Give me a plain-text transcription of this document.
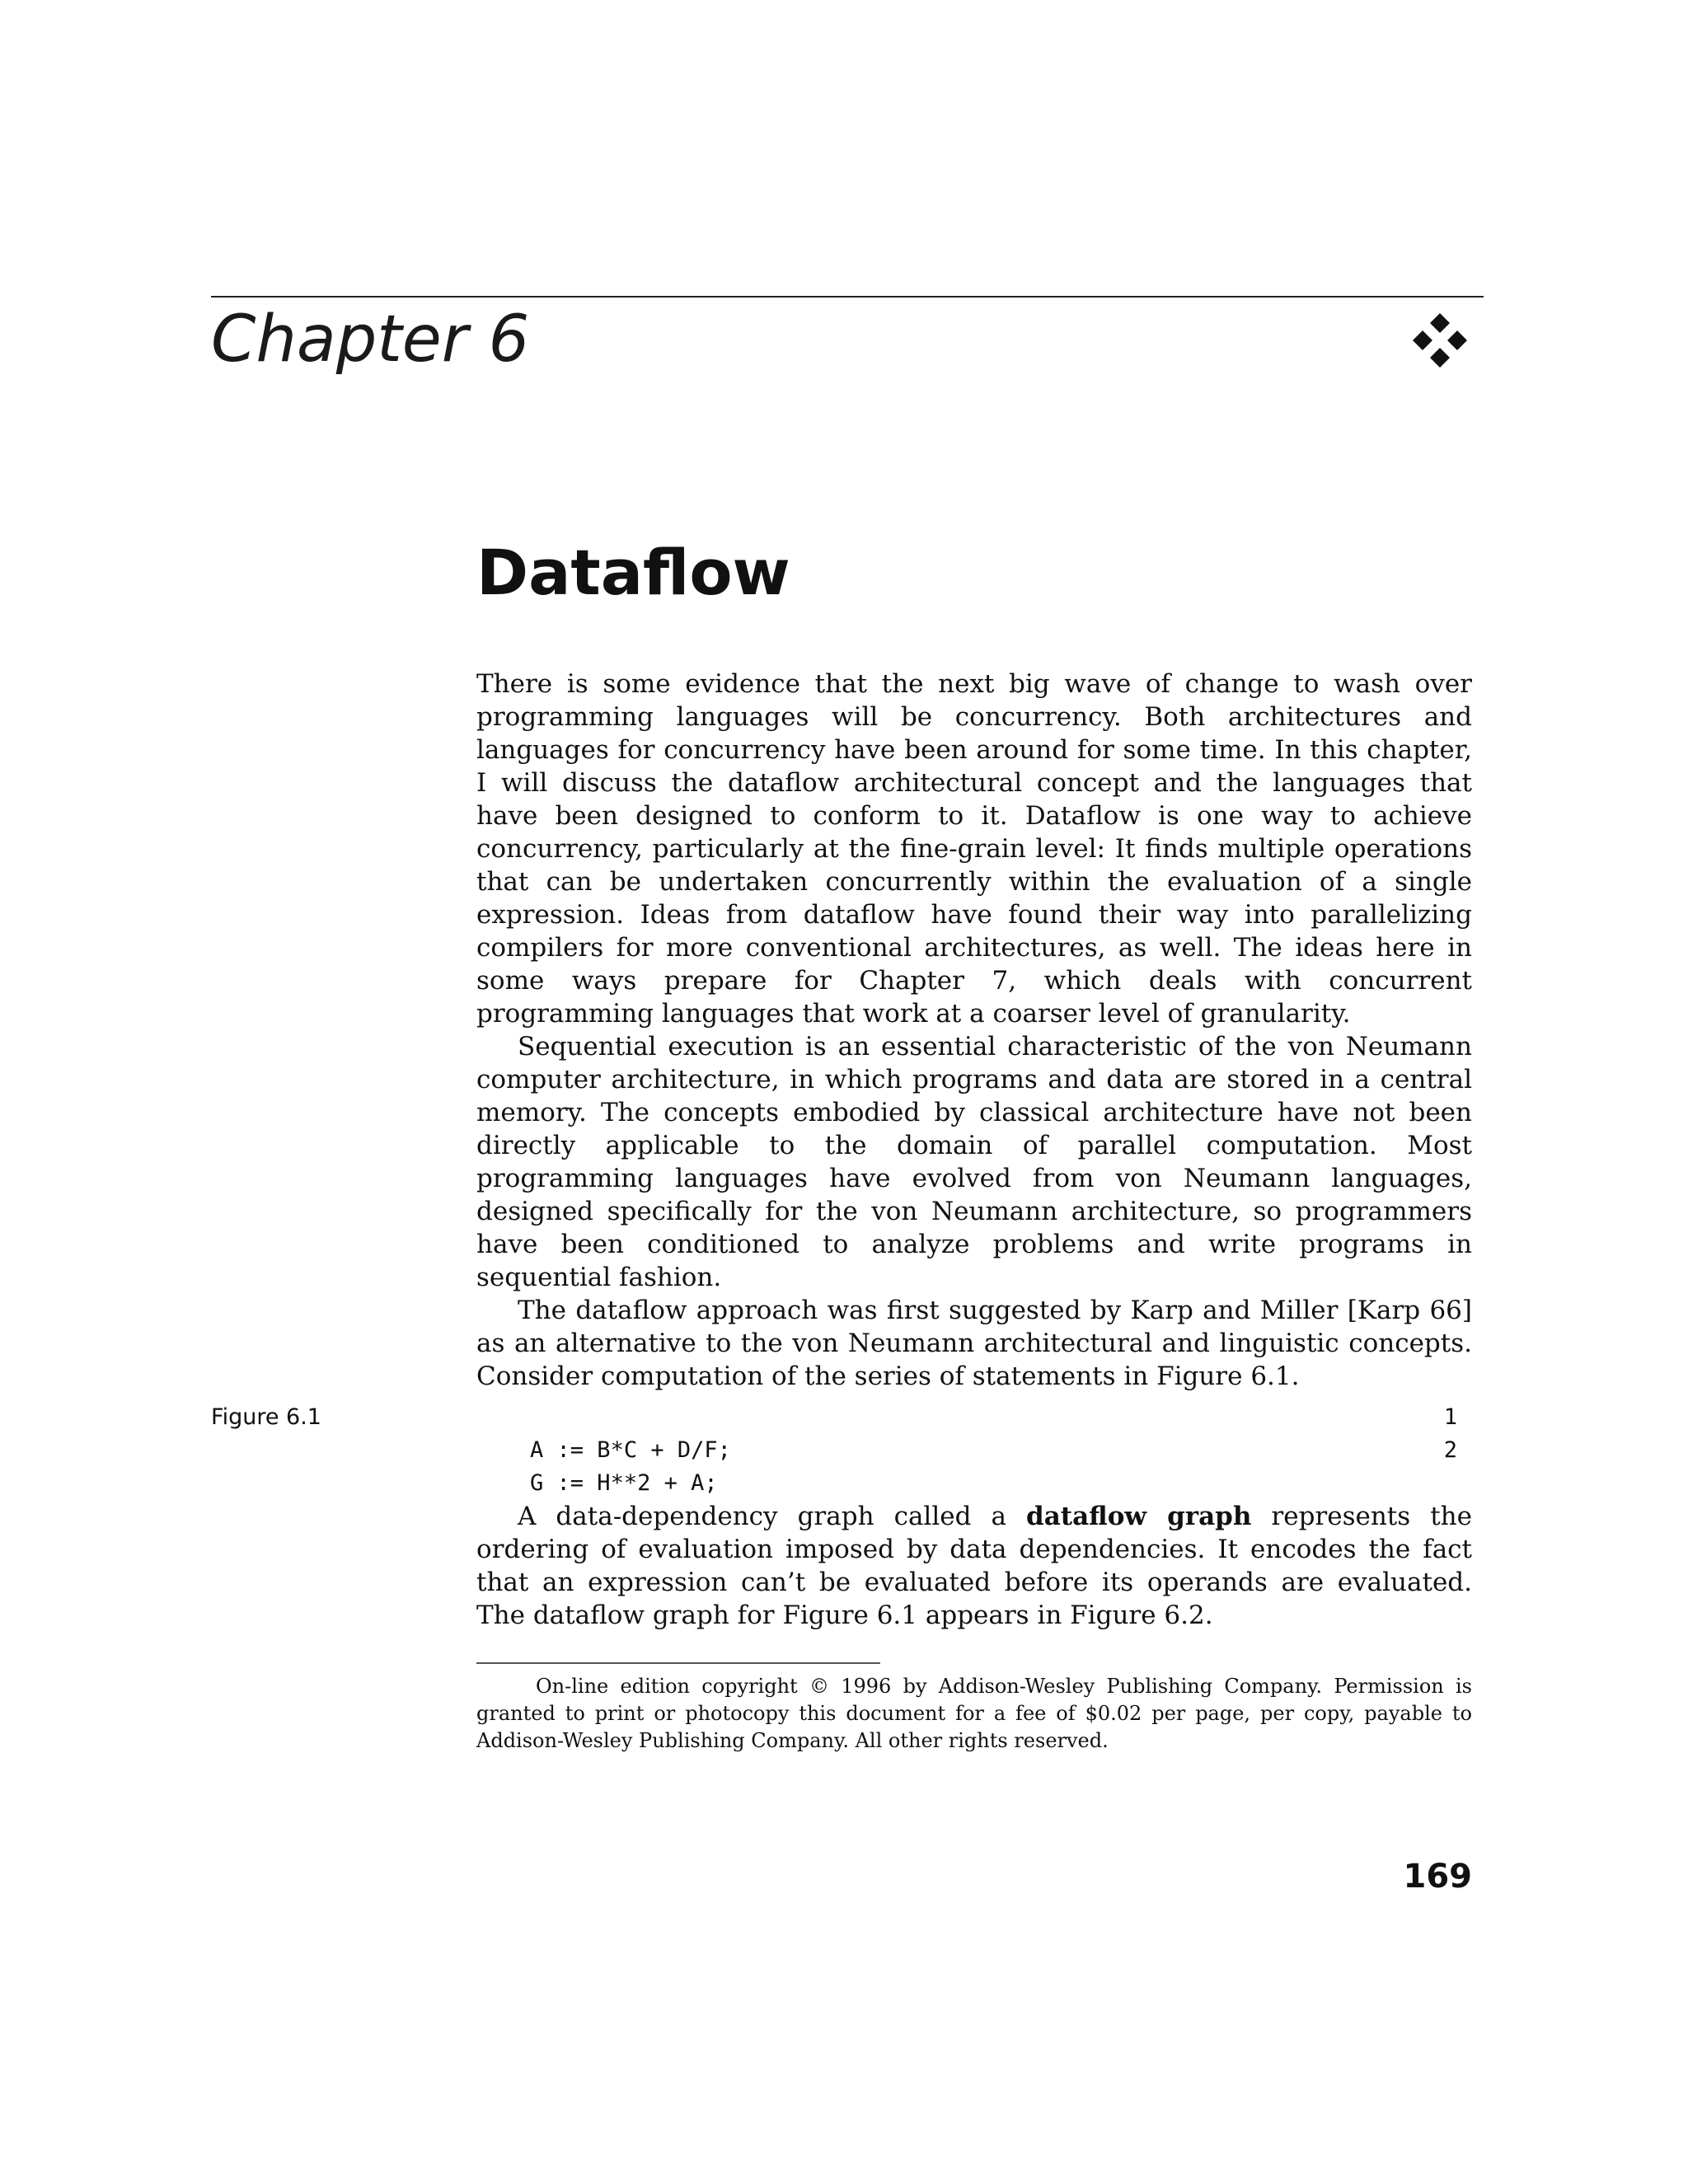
Chapter 6
Dataflow

There is some evidence that the next big wave of change to wash over programming languages will be concurrency. Both architectures and languages for concurrency have been around for some time. In this chapter, I will discuss the dataflow architectural concept and the languages that have been designed to conform to it. Dataflow is one way to achieve concurrency, particularly at the fine-grain level: It finds multiple operations that can be undertaken concurrently within the evaluation of a single expression. Ideas from dataflow have found their way into parallelizing compilers for more conventional architectures, as well. The ideas here in some ways prepare for Chapter 7, which deals with concurrent programming languages that work at a coarser level of granularity.

Sequential execution is an essential characteristic of the von Neumann computer architecture, in which programs and data are stored in a central memory. The concepts embodied by classical architecture have not been directly applicable to the domain of parallel computation. Most programming languages have evolved from von Neumann languages, designed specifically for the von Neumann architecture, so programmers have been conditioned to analyze problems and write programs in sequential fashion.

The dataflow approach was first suggested by Karp and Miller [Karp 66] as an alternative to the von Neumann architectural and linguistic concepts. Consider computation of the series of statements in Figure 6.1.

Figure 6.1

A := B*C + D/F;

1

G := H**2 + A;

2

A data-dependency graph called a dataflow graph represents the ordering of evaluation imposed by data dependencies. It encodes the fact that an expression can’t be evaluated before its operands are evaluated. The dataflow graph for Figure 6.1 appears in Figure 6.2.

On-line edition copyright © 1996 by Addison-Wesley Publishing Company. Permission is granted to print or photocopy this document for a fee of $0.02 per page, per copy, payable to Addison-Wesley Publishing Company. All other rights reserved.

169
